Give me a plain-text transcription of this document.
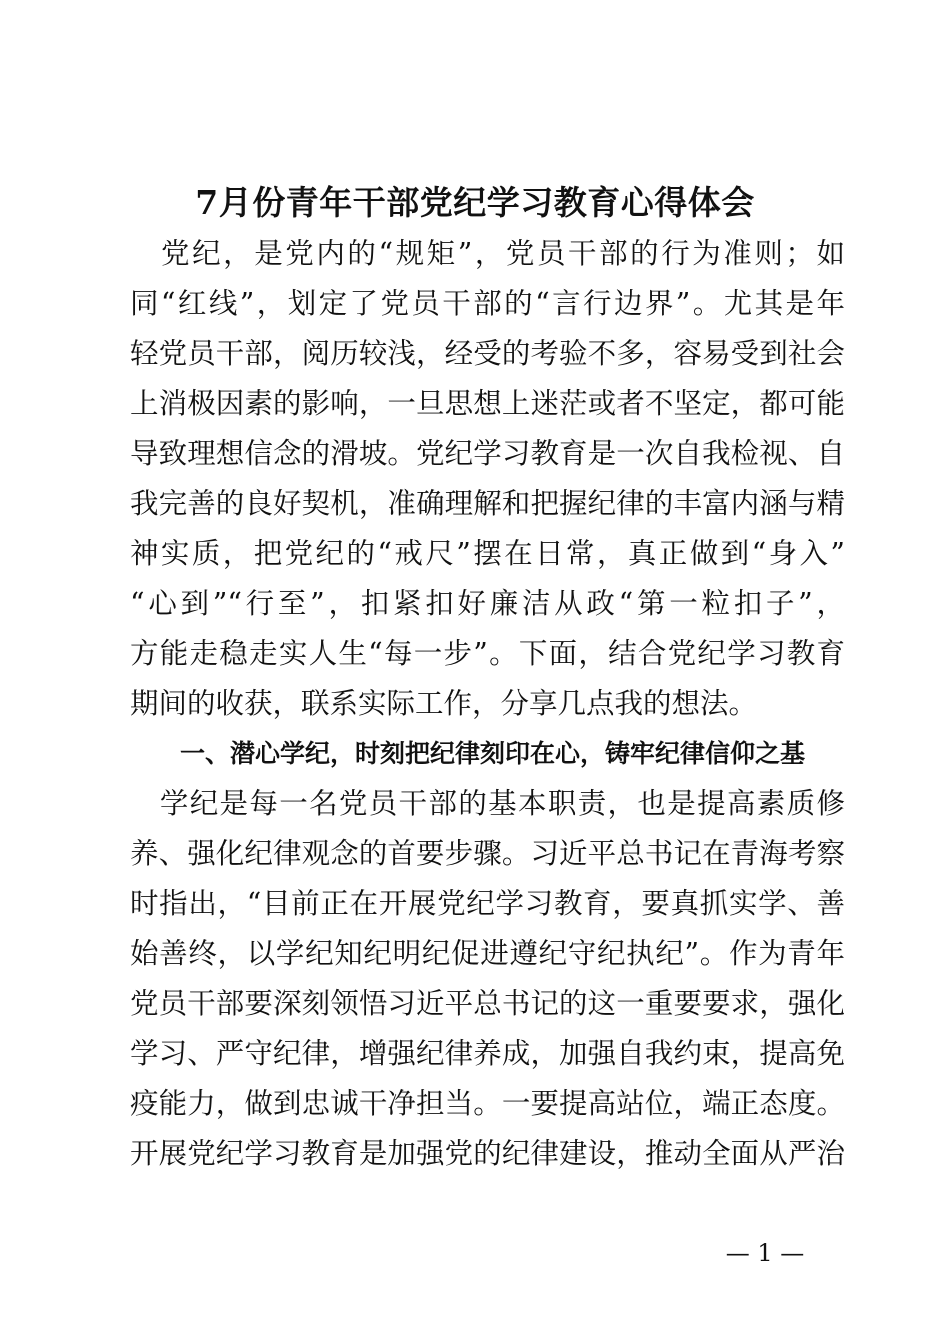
7月份青年干部党纪学习教育心得体会
　党纪，是党内的“规矩”，党员干部的行为准则；如
同“红线”，划定了党员干部的“言行边界”。尤其是年
轻党员干部，阅历较浅，经受的考验不多，容易受到社会
上消极因素的影响，一旦思想上迷茫或者不坚定，都可能
导致理想信念的滑坡。党纪学习教育是一次自我检视、自
我完善的良好契机，准确理解和把握纪律的丰富内涵与精
神实质，把党纪的“戒尺”摆在日常，真正做到“身入”
“心到”“行至”，扣紧扣好廉洁从政“第一粒扣子”，
方能走稳走实人生“每一步”。下面，结合党纪学习教育
期间的收获，联系实际工作，分享几点我的想法。
一、潜心学纪，时刻把纪律刻印在心，铸牢纪律信仰之基
　学纪是每一名党员干部的基本职责，也是提高素质修
养、强化纪律观念的首要步骤。习近平总书记在青海考察
时指出，“目前正在开展党纪学习教育，要真抓实学、善
始善终，以学纪知纪明纪促进遵纪守纪执纪”。作为青年
党员干部要深刻领悟习近平总书记的这一重要要求，强化
学习、严守纪律，增强纪律养成，加强自我约束，提高免
疫能力，做到忠诚干净担当。一要提高站位，端正态度。
开展党纪学习教育是加强党的纪律建设，推动全面从严治
— 1 —
